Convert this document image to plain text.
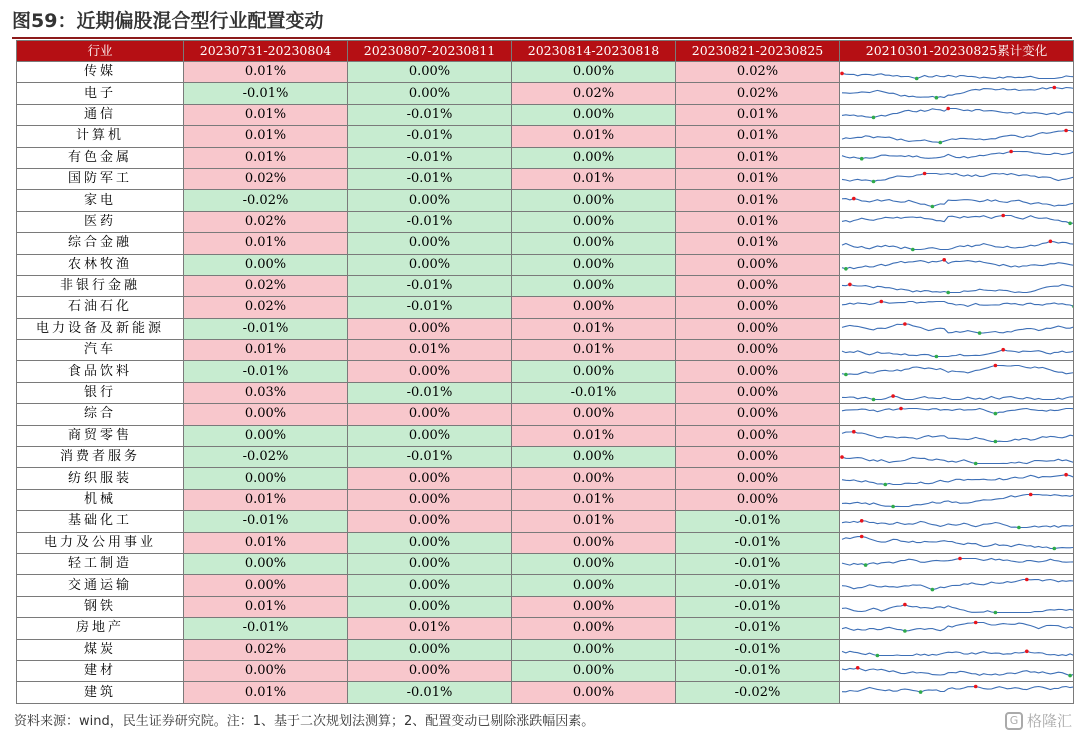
图59：近期偏股混合型行业配置变动
行业	20230731-20230804	20230807-20230811	20230814-20230818	20230821-20230825	20210301-20230825累计变化
传媒	0.01%	0.00%	0.00%	0.02%	

电子	-0.01%	0.00%	0.02%	0.02%	

通信	0.01%	-0.01%	0.00%	0.01%	

计算机	0.01%	-0.01%	0.01%	0.01%	

有色金属	0.01%	-0.01%	0.00%	0.01%	

国防军工	0.02%	-0.01%	0.01%	0.01%	

家电	-0.02%	0.00%	0.00%	0.01%	

医药	0.02%	-0.01%	0.00%	0.01%	

综合金融	0.01%	0.00%	0.00%	0.01%	

农林牧渔	0.00%	0.00%	0.00%	0.00%	

非银行金融	0.02%	-0.01%	0.00%	0.00%	

石油石化	0.02%	-0.01%	0.00%	0.00%	

电力设备及新能源	-0.01%	0.00%	0.01%	0.00%	

汽车	0.01%	0.01%	0.01%	0.00%	

食品饮料	-0.01%	0.00%	0.00%	0.00%	

银行	0.03%	-0.01%	-0.01%	0.00%	

综合	0.00%	0.00%	0.00%	0.00%	

商贸零售	0.00%	0.00%	0.01%	0.00%	

消费者服务	-0.02%	-0.01%	0.00%	0.00%	

纺织服装	0.00%	0.00%	0.00%	0.00%	

机械	0.01%	0.00%	0.01%	0.00%	

基础化工	-0.01%	0.00%	0.01%	-0.01%	

电力及公用事业	0.01%	0.00%	0.00%	-0.01%	

轻工制造	0.00%	0.00%	0.00%	-0.01%	

交通运输	0.00%	0.00%	0.00%	-0.01%	

钢铁	0.01%	0.00%	0.00%	-0.01%	

房地产	-0.01%	0.01%	0.00%	-0.01%	

煤炭	0.02%	0.00%	0.00%	-0.01%	

建材	0.00%	0.00%	0.00%	-0.01%	

建筑	0.01%	-0.01%	0.00%	-0.02%	
资料来源：wind，民生证券研究院。注：1、基于二次规划法测算；2、配置变动已剔除涨跌幅因素。	G 格隆汇
